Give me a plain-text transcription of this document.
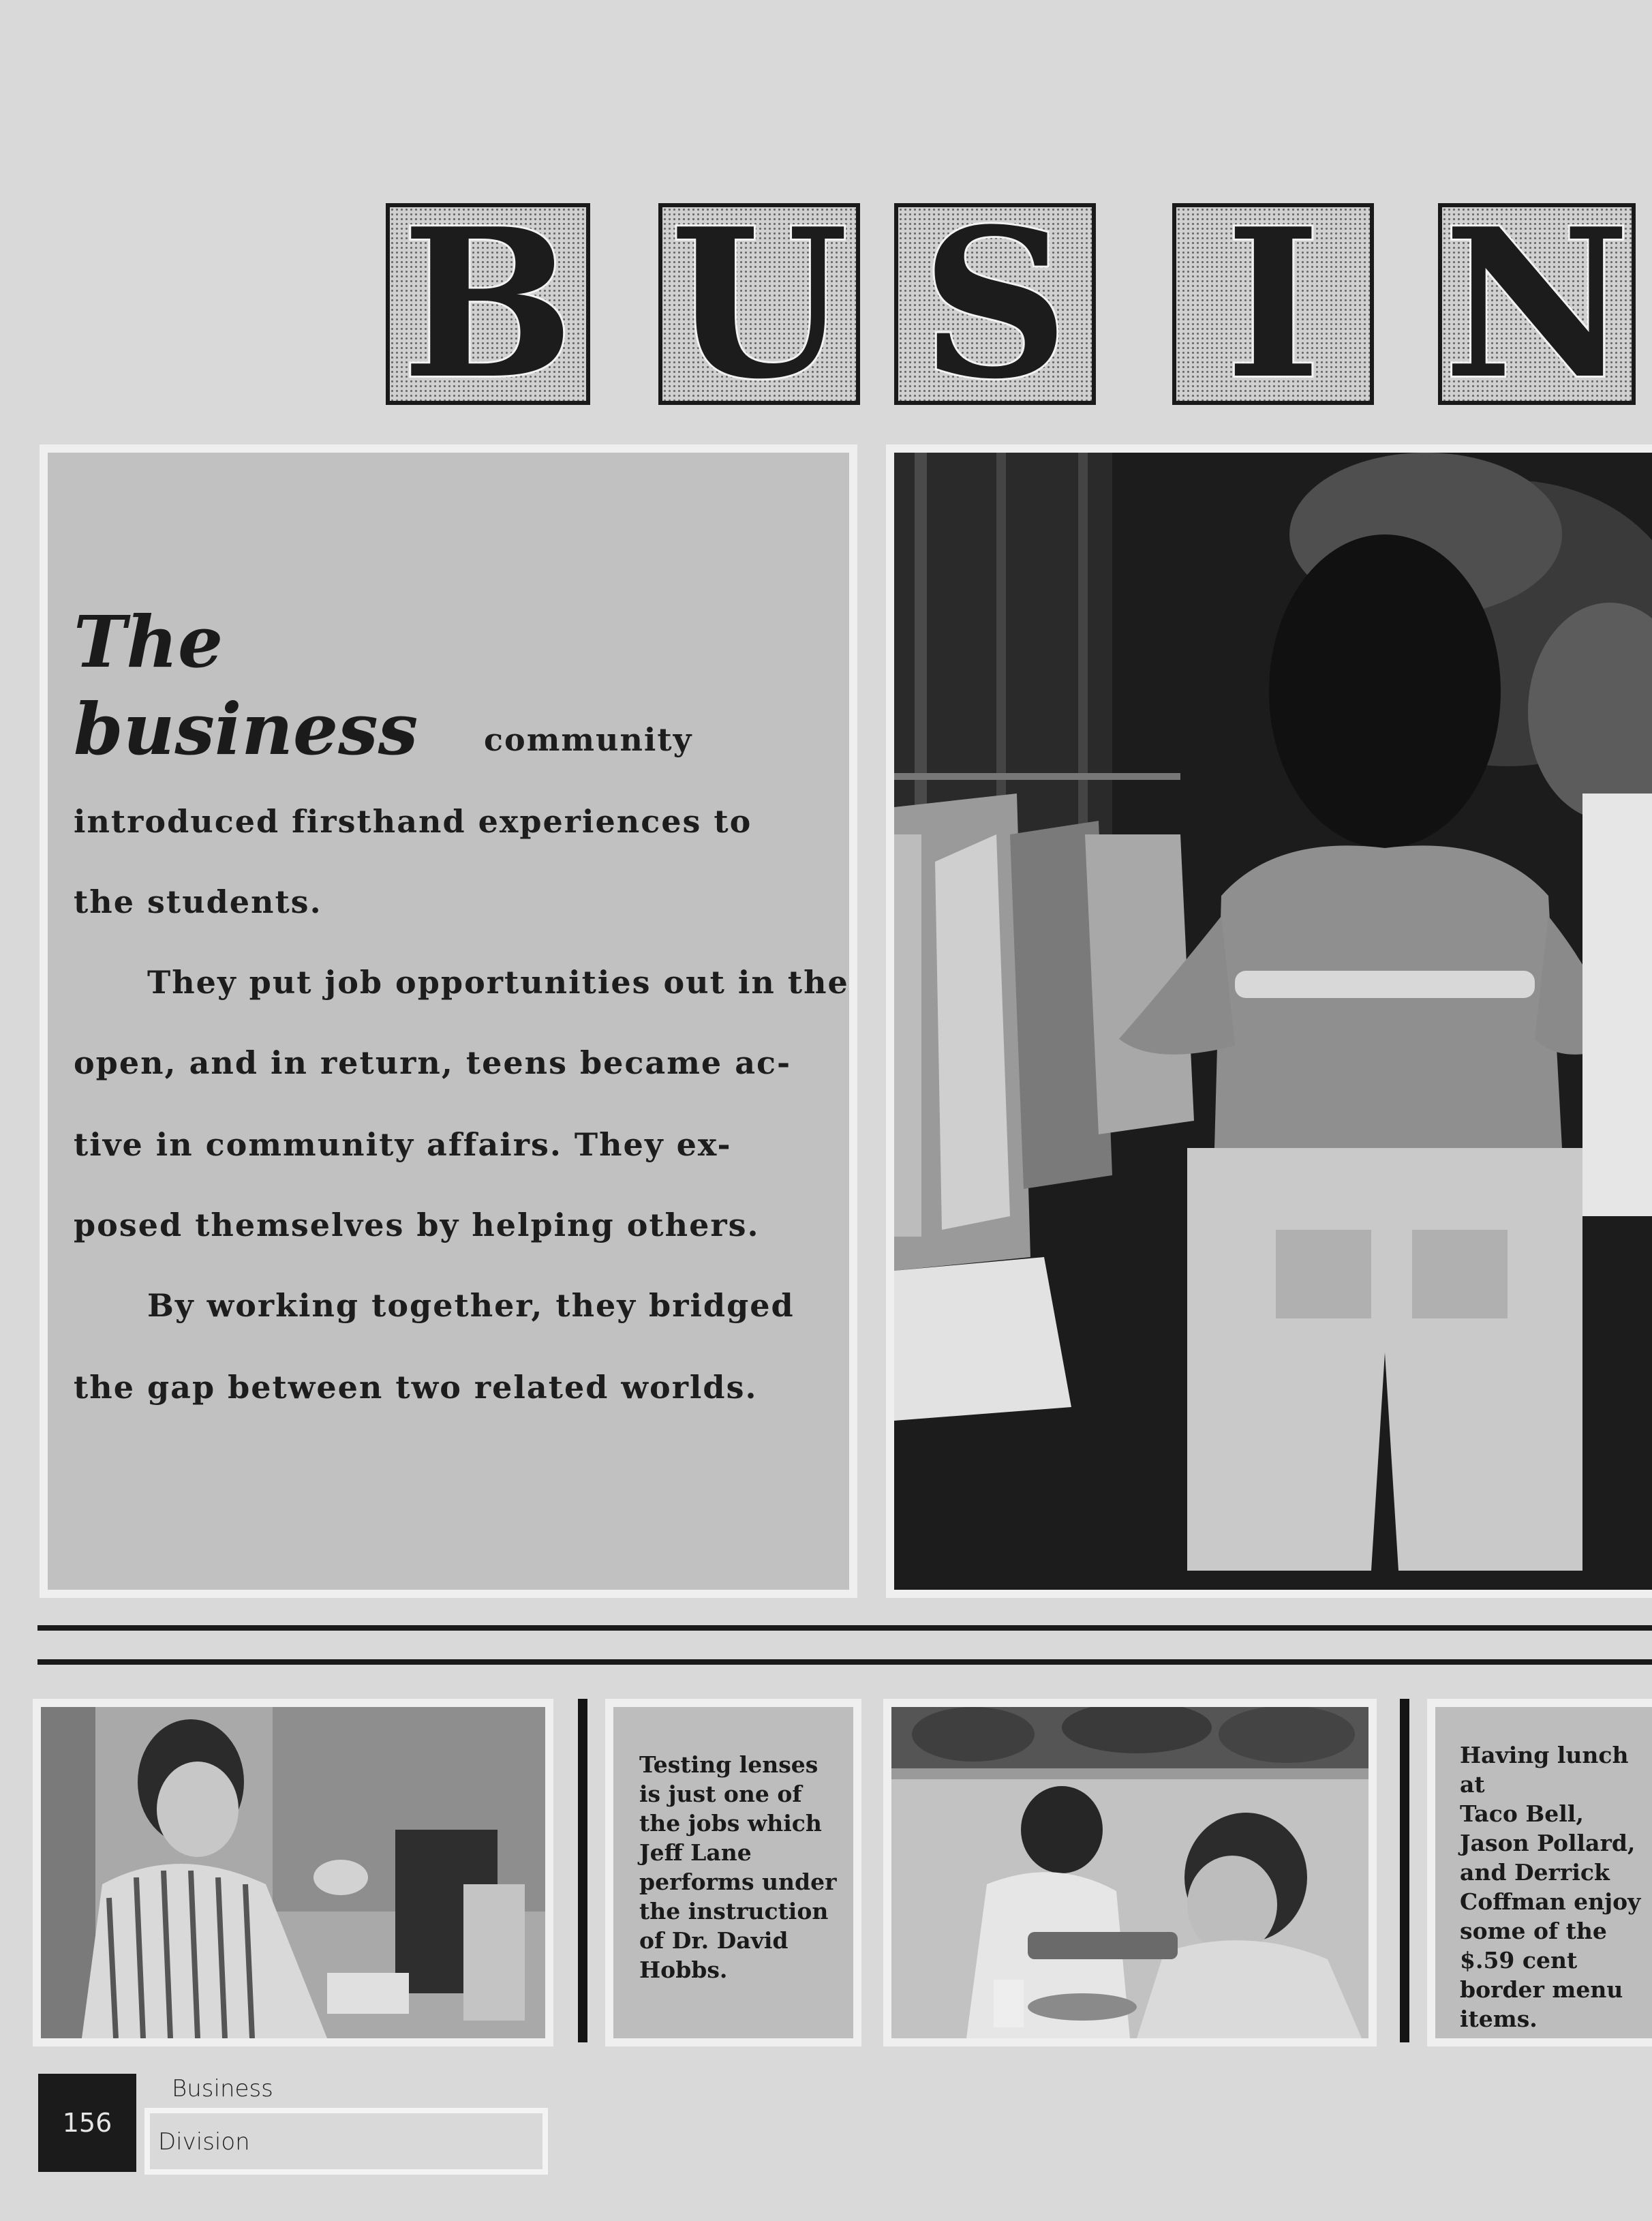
B U S I N
The
business community
introduced firsthand experiences to
the students.
They put job opportunities out in the
open, and in return, teens became ac-
tive in community affairs. They ex-
posed themselves by helping others.
By working together, they bridged
the gap between two related worlds.
Testing lenses
is just one of
the jobs which
Jeff Lane
performs under
the instruction
of Dr. David
Hobbs.
Having lunch at
Taco Bell,
Jason Pollard,
and Derrick
Coffman enjoy
some of the
$.59 cent
border menu
items.
156
Business
Division
